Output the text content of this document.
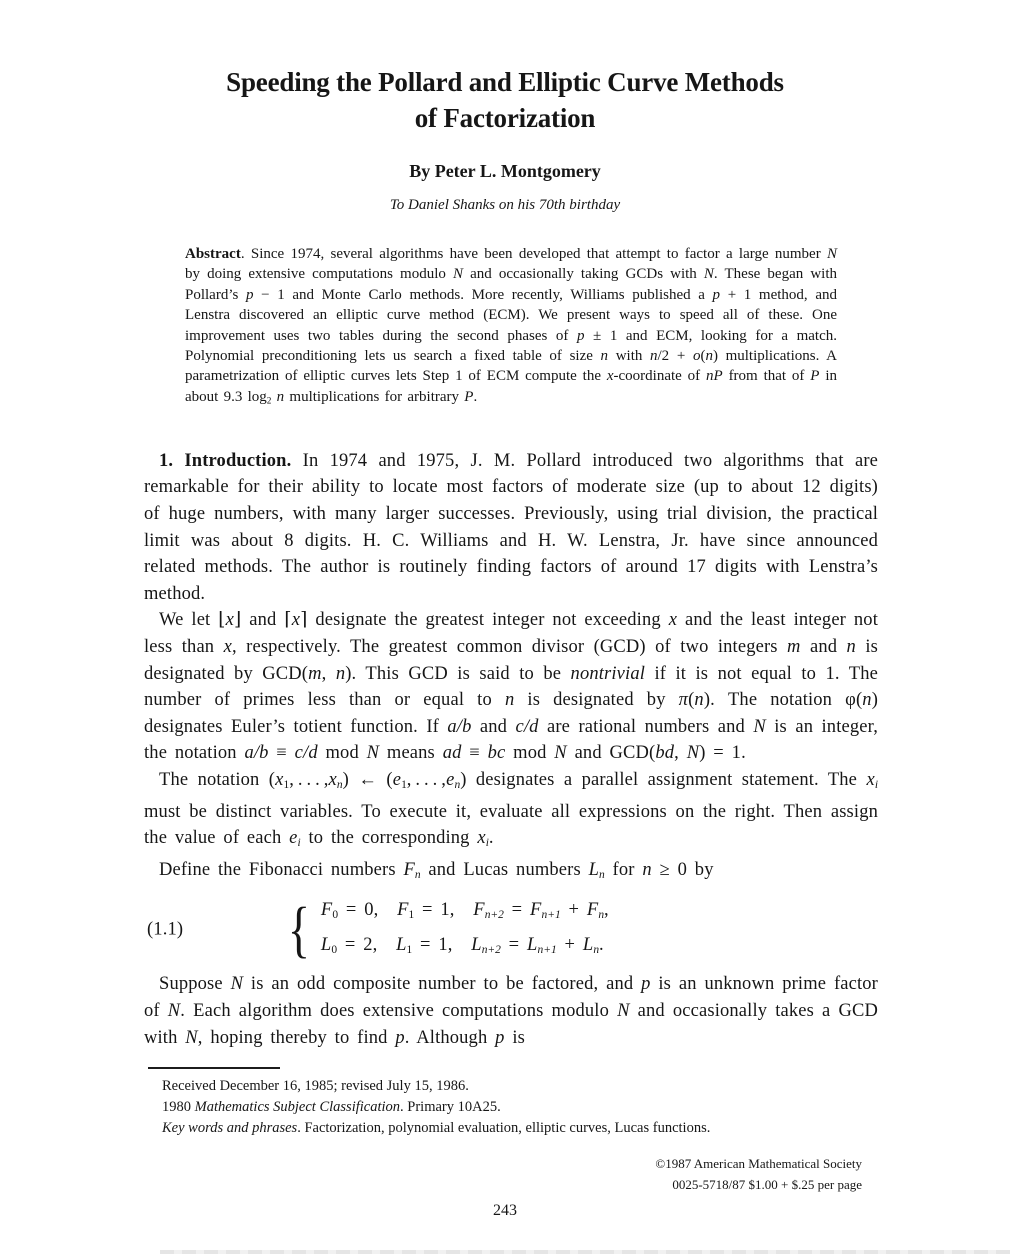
Speeding the Pollard and Elliptic Curve Methods
of Factorization
By Peter L. Montgomery
To Daniel Shanks on his 70th birthday
Abstract. Since 1974, several algorithms have been developed that attempt to factor a large number N by doing extensive computations modulo N and occasionally taking GCDs with N. These began with Pollard’s p − 1 and Monte Carlo methods. More recently, Williams published a p + 1 method, and Lenstra discovered an elliptic curve method (ECM). We present ways to speed all of these. One improvement uses two tables during the second phases of p ± 1 and ECM, looking for a match. Polynomial preconditioning lets us search a fixed table of size n with n/2 + o(n) multiplications. A parametrization of elliptic curves lets Step 1 of ECM compute the x-coordinate of nP from that of P in about 9.3 log2 n multiplications for arbitrary P.

1. Introduction. In 1974 and 1975, J. M. Pollard introduced two algorithms that are remarkable for their ability to locate most factors of moderate size (up to about 12 digits) of huge numbers, with many larger successes. Previously, using trial division, the practical limit was about 8 digits. H. C. Williams and H. W. Lenstra, Jr. have since announced related methods. The author is routinely finding factors of around 17 digits with Lenstra’s method.

We let ⌊x⌋ and ⌈x⌉ designate the greatest integer not exceeding x and the least integer not less than x, respectively. The greatest common divisor (GCD) of two integers m and n is designated by GCD(m, n). This GCD is said to be nontrivial if it is not equal to 1. The number of primes less than or equal to n is designated by π(n). The notation φ(n) designates Euler’s totient function. If a/b and c/d are rational numbers and N is an integer, the notation a/b ≡ c/d mod N means ad ≡ bc mod N and GCD(bd, N) = 1.

The notation (x1, . . . ,xn) ← (e1, . . . ,en) designates a parallel assignment statement. The xi must be distinct variables. To execute it, evaluate all expressions on the right. Then assign the value of each ei to the corresponding xi.

Define the Fibonacci numbers Fn and Lucas numbers Ln for n ≥ 0 by

(1.1) { F0 = 0, F1 = 1, Fn+2 = Fn+1 + Fn,
L0 = 2, L1 = 1, Ln+2 = Ln+1 + Ln.

Suppose N is an odd composite number to be factored, and p is an unknown prime factor of N. Each algorithm does extensive computations modulo N and occasionally takes a GCD with N, hoping thereby to find p. Although p is

Received December 16, 1985; revised July 15, 1986.
1980 Mathematics Subject Classification. Primary 10A25.
Key words and phrases. Factorization, polynomial evaluation, elliptic curves, Lucas functions.
©1987 American Mathematical Society
0025-5718/87 $1.00 + $.25 per page
243
